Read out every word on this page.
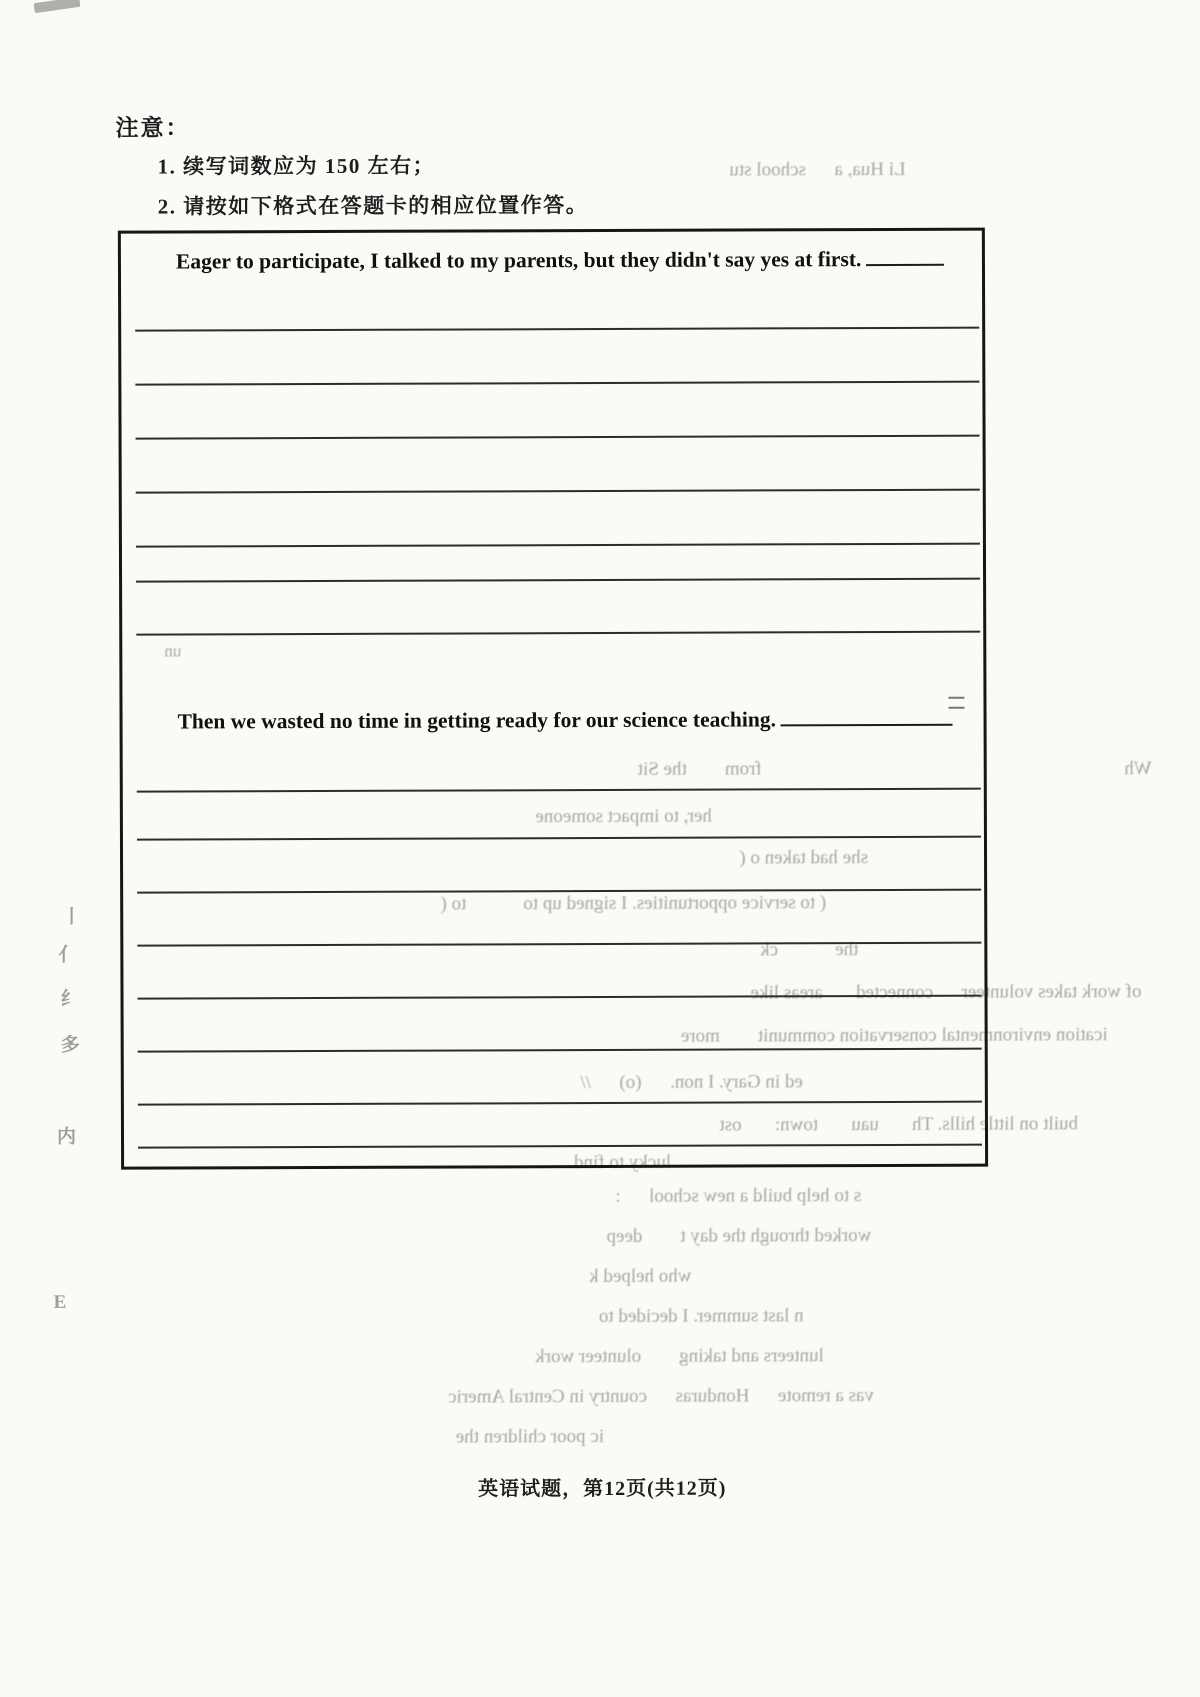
注意：
1. 续写词数应为 150 左右；
2. 请按如下格式在答题卡的相应位置作答。
Li Hua, a      school stu
un
from        the Sit	Wh
her, to impact someone
she had taken o (
( to service opportunities. I signed up to            to (
the            ck
of work takes volunteer      connected       areas like
ication environmental conservation communit        more
ed in Gary. I non.      (o)      //
built on little hills. Th       uau       town:       ost
lucky to find
s to help build a new school      :
worked through the day t        deep
who helped k
n last summer. I decided to
lunteers and taking        olunteer work
vas a remote      Honduras      country in Central Americ
ic poor children the
丨
亻
纟
多
内
E
Eager to participate, I talked to my parents, but they didn't say yes at first.
Then we wasted no time in getting ready for our science teaching.
英语试题，第12页(共12页)
